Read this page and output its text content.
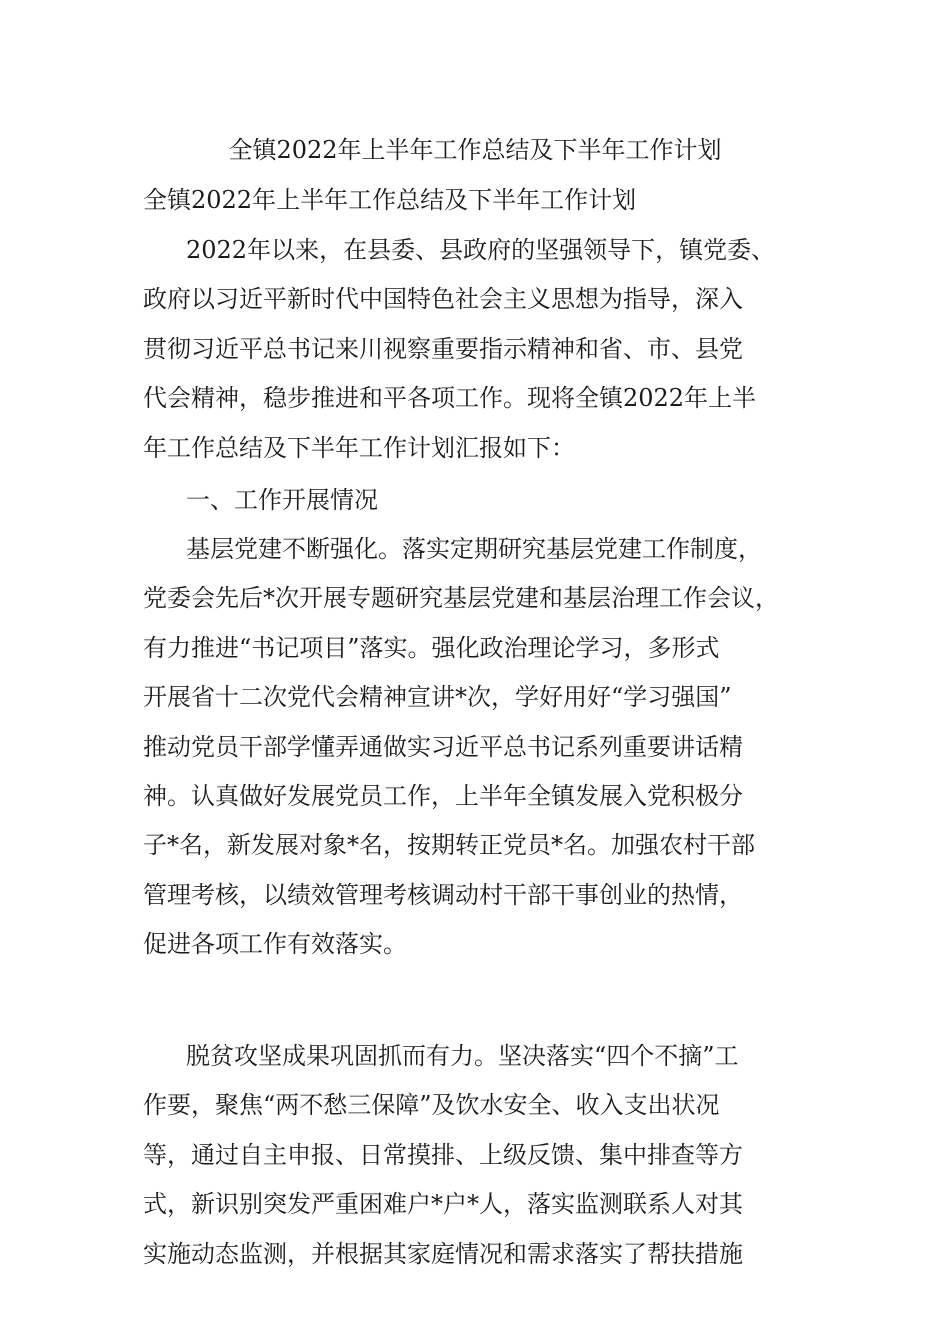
全镇2022年上半年工作总结及下半年工作计划
全镇2022年上半年工作总结及下半年工作计划
2022年以来，在县委、县政府的坚强领导下，镇党委、
政府以习近平新时代中国特色社会主义思想为指导，深入
贯彻习近平总书记来川视察重要指示精神和省、市、县党
代会精神，稳步推进和平各项工作。现将全镇2022年上半
年工作总结及下半年工作计划汇报如下：
一、工作开展情况
基层党建不断强化。落实定期研究基层党建工作制度，
党委会先后*次开展专题研究基层党建和基层治理工作会议，
有力推进“书记项目”落实。强化政治理论学习，多形式
开展省十二次党代会精神宣讲*次，学好用好“学习强国”
推动党员干部学懂弄通做实习近平总书记系列重要讲话精
神。认真做好发展党员工作，上半年全镇发展入党积极分
子*名，新发展对象*名，按期转正党员*名。加强农村干部
管理考核，以绩效管理考核调动村干部干事创业的热情，
促进各项工作有效落实。
脱贫攻坚成果巩固抓而有力。坚决落实“四个不摘”工
作要，聚焦“两不愁三保障”及饮水安全、收入支出状况
等，通过自主申报、日常摸排、上级反馈、集中排查等方
式，新识别突发严重困难户*户*人，落实监测联系人对其
实施动态监测，并根据其家庭情况和需求落实了帮扶措施
